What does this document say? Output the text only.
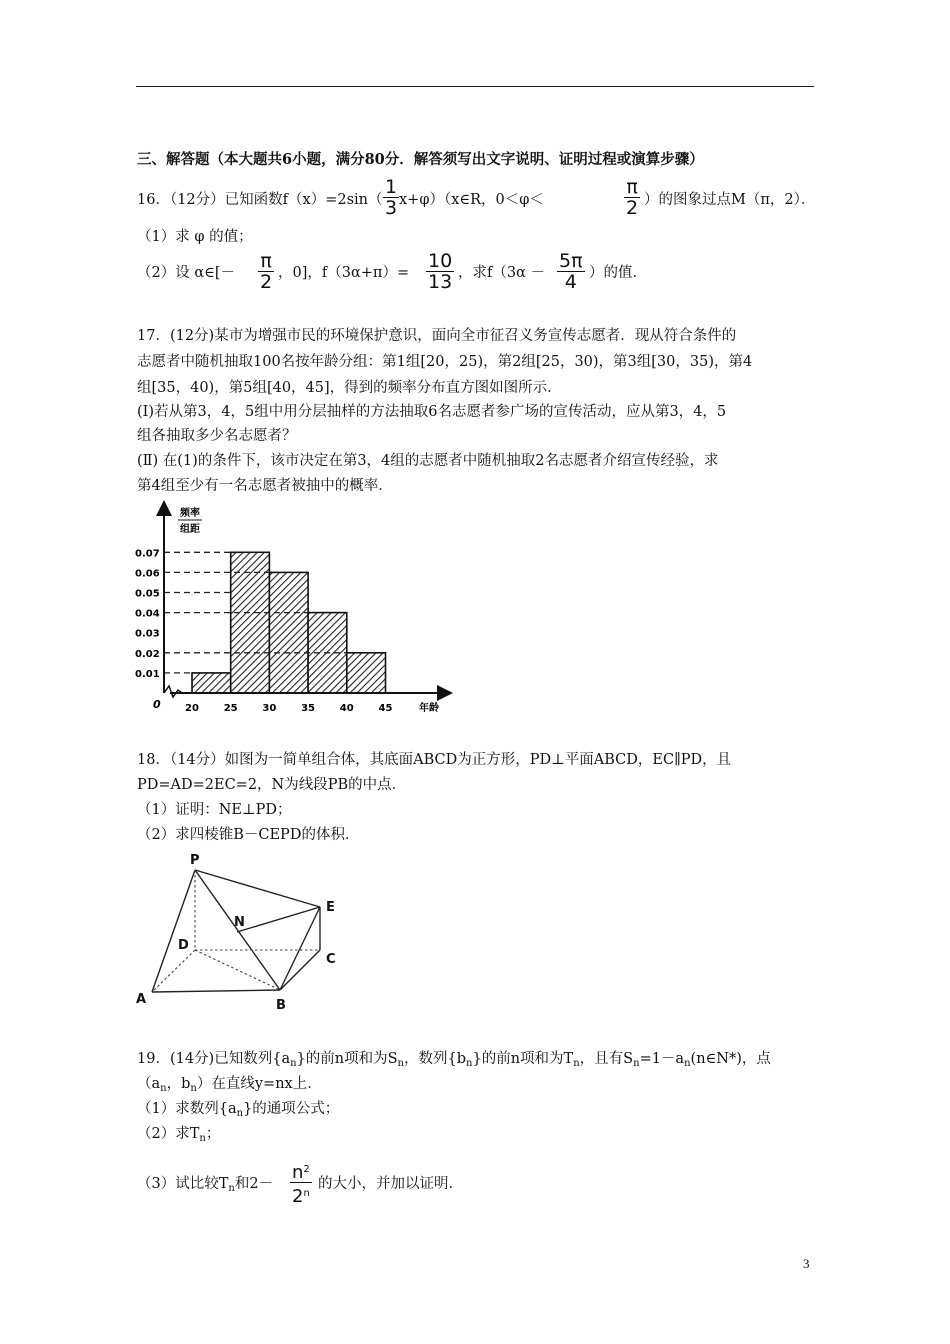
三、解答题（本大题共6小题，满分80分．解答须写出文字说明、证明过程或演算步骤）
16．（12分）已知函数$f(x)=2\sin( \frac{1}{3}$ x+φ）（x∈R，0＜φ＜	$\frac{\pi}{2}$ ）的图象过点M（π，2）．
（1）求 φ 的值；
（2）设 α∈[－ $\frac{\pi}{2}$ ，0]，$f(3\alpha+\pi)= \frac{10}{13}$ ，求$f(3\alpha - \frac{5\pi}{4}$ ）的值.
17．(12分)某市为增强市民的环境保护意识，面向全市征召义务宣传志愿者．现从符合条件的
志愿者中随机抽取100名按年龄分组：第1组[20，25)，第2组[25，30)，第3组[30，35)，第4
组[35，40)，第5组[40，45]，得到的频率分布直方图如图所示．
(Ⅰ)若从第3，4，5组中用分层抽样的方法抽取6名志愿者参广场的宣传活动，应从第3，4，5
组各抽取多少名志愿者？
(Ⅱ) 在(1)的条件下，该市决定在第3，4组的志愿者中随机抽取2名志愿者介绍宣传经验，求
第4组至少有一名志愿者被抽中的概率．
频率
组距
0	年龄
0.01
0.02
0.03
0.04
0.05
0.06
0.07
20 25 30 35 40 45
18．（14分）如图为一简单组合体，其底面ABCD为正方形，PD⊥平面ABCD，EC∥PD，且
PD=AD=2EC=2，N为线段PB的中点．
（1）证明：NE⊥PD；
（2）求四棱锥B－CEPD的体积．
P
N
E
D
C
A	B
19．(14分)已知数列$\{a_n\}$的前n项和为$S_n$，数列$\{b_n\}$的前n项和为$T_n$，且有$S_n=1-a_n(n\in N*)$，点
（$a_n$，$b_n$）在直线y=nx上．
（1）求数列$\{a_n\}$的通项公式；
（2）求$T_n$；
（3）试比较$T_n$和$2- \frac{n^2}{2^n}$ 的大小，并加以证明．
3
